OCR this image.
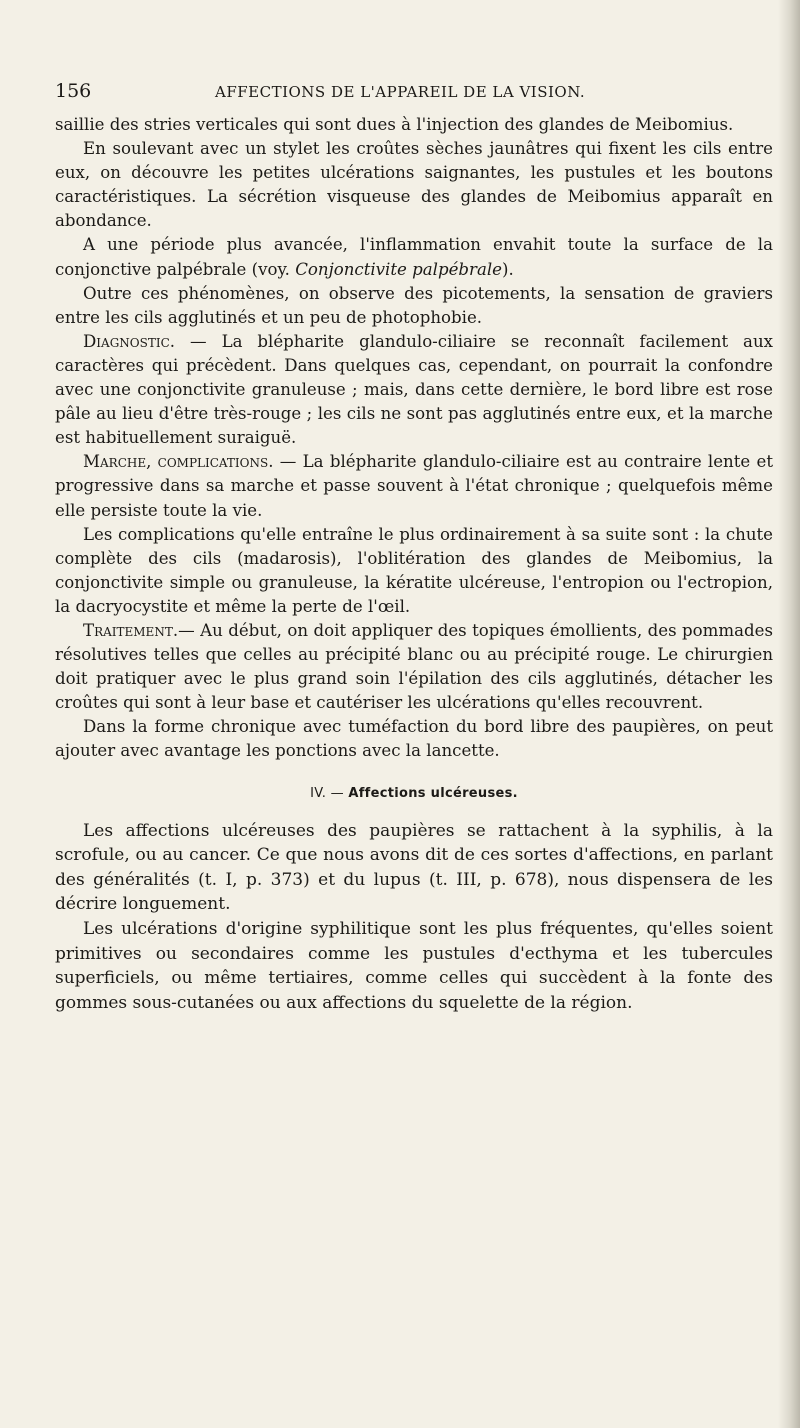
156	AFFECTIONS DE L'APPAREIL DE LA VISION.

saillie des stries verticales qui sont dues à l'injection des glandes de Meibomius.

En soulevant avec un stylet les croûtes sèches jaunâtres qui fixent les cils entre eux, on découvre les petites ulcérations saignantes, les pustules et les boutons caractéristiques. La sécrétion visqueuse des glandes de Meibomius apparaît en abondance.

A une période plus avancée, l'inflammation envahit toute la surface de la conjonctive palpébrale (voy. Conjonctivite palpébrale).

Outre ces phénomènes, on observe des picotements, la sensation de graviers entre les cils agglutinés et un peu de photophobie.

Diagnostic. — La blépharite glandulo-ciliaire se reconnaît facilement aux caractères qui précèdent. Dans quelques cas, cependant, on pourrait la confondre avec une conjonctivite granuleuse ; mais, dans cette dernière, le bord libre est rose pâle au lieu d'être très-rouge ; les cils ne sont pas agglutinés entre eux, et la marche est habituellement suraiguë.

Marche, complications. — La blépharite glandulo-ciliaire est au contraire lente et progressive dans sa marche et passe souvent à l'état chronique ; quelquefois même elle persiste toute la vie.

Les complications qu'elle entraîne le plus ordinairement à sa suite sont : la chute complète des cils (madarosis), l'oblitération des glandes de Meibomius, la conjonctivite simple ou granuleuse, la kératite ulcéreuse, l'entropion ou l'ectropion, la dacryocystite et même la perte de l'œil.

Traitement.— Au début, on doit appliquer des topiques émollients, des pommades résolutives telles que celles au précipité blanc ou au précipité rouge. Le chirurgien doit pratiquer avec le plus grand soin l'épilation des cils agglutinés, détacher les croûtes qui sont à leur base et cautériser les ulcérations qu'elles recouvrent.

Dans la forme chronique avec tuméfaction du bord libre des paupières, on peut ajouter avec avantage les ponctions avec la lancette.

IV. — Affections ulcéreuses.

Les affections ulcéreuses des paupières se rattachent à la syphilis, à la scrofule, ou au cancer. Ce que nous avons dit de ces sortes d'affections, en parlant des généralités (t. I, p. 373) et du lupus (t. III, p. 678), nous dispensera de les décrire longuement.

Les ulcérations d'origine syphilitique sont les plus fréquentes, qu'elles soient primitives ou secondaires comme les pustules d'ecthyma et les tubercules superficiels, ou même tertiaires, comme celles qui succèdent à la fonte des gommes sous-cutanées ou aux affections du squelette de la région.
